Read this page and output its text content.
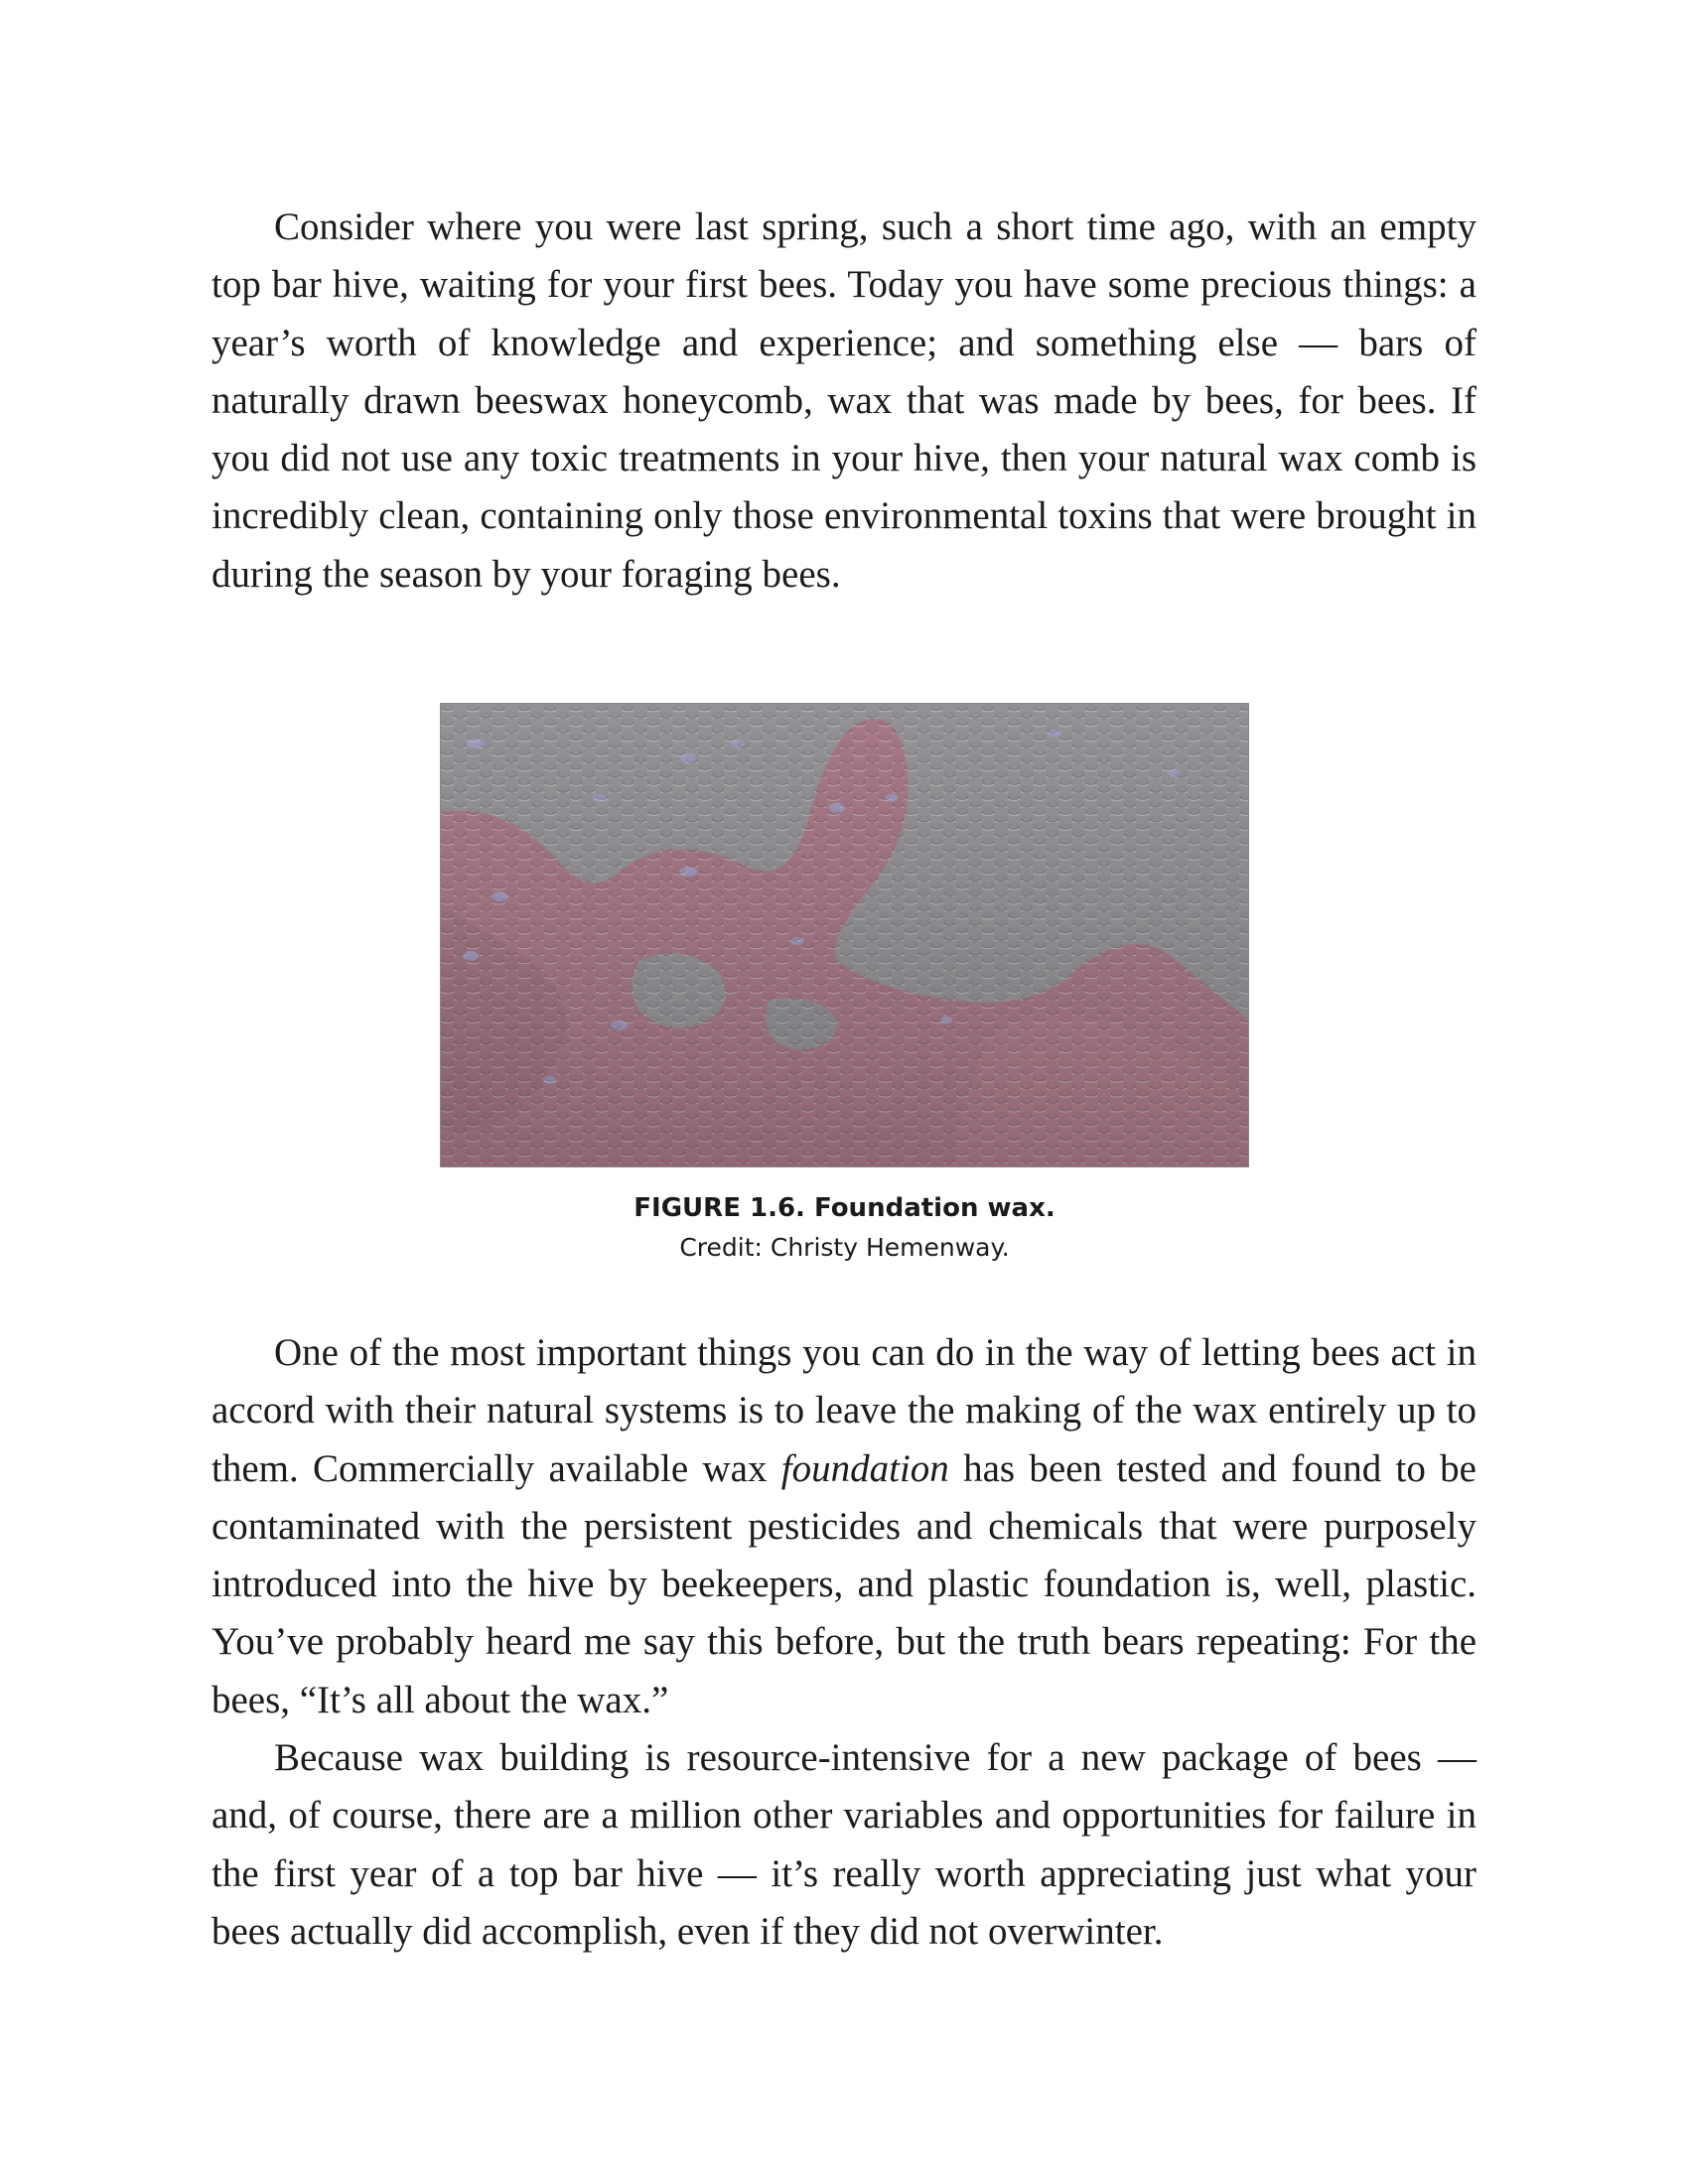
Consider where you were last spring, such a short time ago, with an empty top bar hive, waiting for your first bees. Today you have some precious things: a year’s worth of knowledge and experience; and something else — bars of naturally drawn beeswax honeycomb, wax that was made by bees, for bees. If you did not use any toxic treatments in your hive, then your natural wax comb is incredibly clean, containing only those environmental toxins that were brought in during the season by your foraging bees.

FIGURE 1.6. Foundation wax.

Credit: Christy Hemenway.

One of the most important things you can do in the way of letting bees act in accord with their natural systems is to leave the making of the wax entirely up to them. Commercially available wax foundation has been tested and found to be contaminated with the persistent pesticides and chemicals that were purposely introduced into the hive by beekeepers, and plastic foundation is, well, plastic. You’ve probably heard me say this before, but the truth bears repeating: For the bees, “It’s all about the wax.”

Because wax building is resource-intensive for a new package of bees — and, of course, there are a million other variables and opportunities for failure in the first year of a top bar hive — it’s really worth appreciating just what your bees actually did accomplish, even if they did not overwinter.
